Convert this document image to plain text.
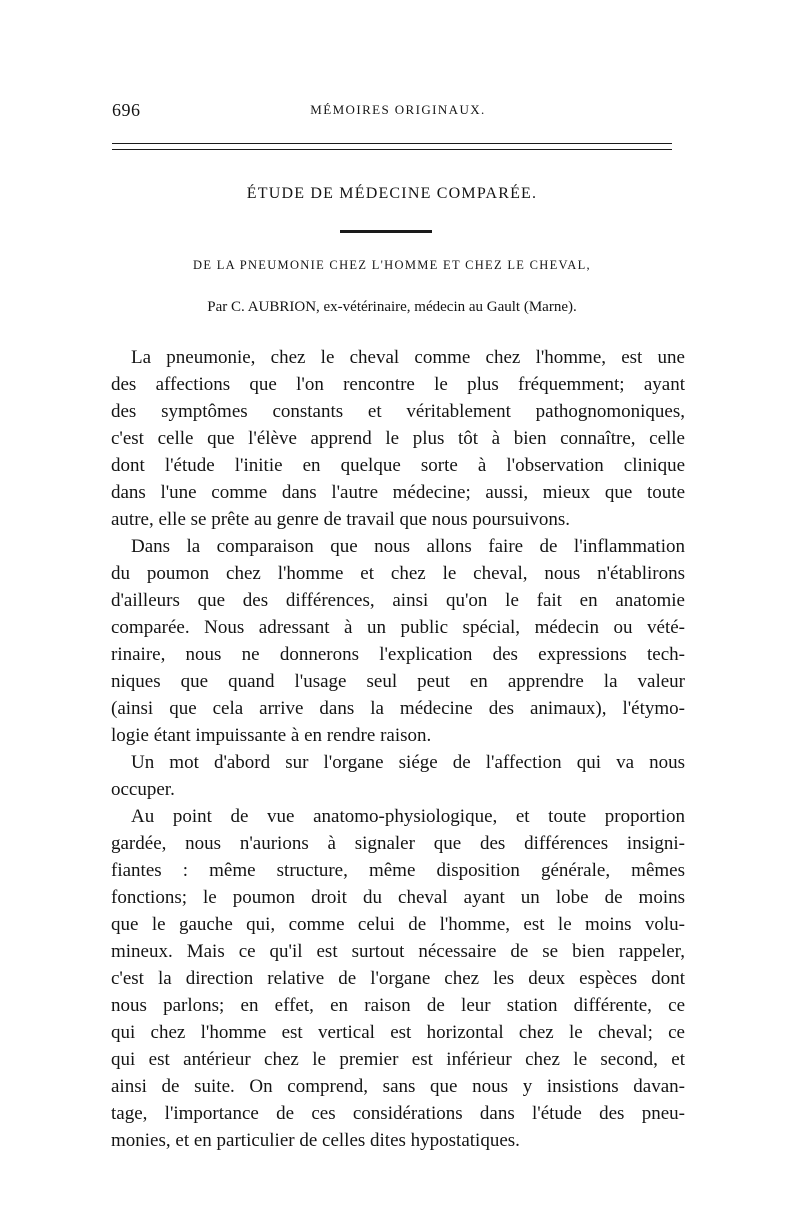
696	MÉMOIRES ORIGINAUX.
ÉTUDE DE MÉDECINE COMPARÉE.
DE LA PNEUMONIE CHEZ L'HOMME ET CHEZ LE CHEVAL,
Par C. AUBRION, ex-vétérinaire, médecin au Gault (Marne).
La pneumonie, chez le cheval comme chez l'homme, est une
des affections que l'on rencontre le plus fréquemment; ayant
des symptômes constants et véritablement pathognomoniques,
c'est celle que l'élève apprend le plus tôt à bien connaître, celle
dont l'étude l'initie en quelque sorte à l'observation clinique
dans l'une comme dans l'autre médecine; aussi, mieux que toute
autre, elle se prête au genre de travail que nous poursuivons.
Dans la comparaison que nous allons faire de l'inflammation
du poumon chez l'homme et chez le cheval, nous n'établirons
d'ailleurs que des différences, ainsi qu'on le fait en anatomie
comparée. Nous adressant à un public spécial, médecin ou vété-
rinaire, nous ne donnerons l'explication des expressions tech-
niques que quand l'usage seul peut en apprendre la valeur
(ainsi que cela arrive dans la médecine des animaux), l'étymo-
logie étant impuissante à en rendre raison.
Un mot d'abord sur l'organe siége de l'affection qui va nous
occuper.
Au point de vue anatomo-physiologique, et toute proportion
gardée, nous n'aurions à signaler que des différences insigni-
fiantes : même structure, même disposition générale, mêmes
fonctions; le poumon droit du cheval ayant un lobe de moins
que le gauche qui, comme celui de l'homme, est le moins volu-
mineux. Mais ce qu'il est surtout nécessaire de se bien rappeler,
c'est la direction relative de l'organe chez les deux espèces dont
nous parlons; en effet, en raison de leur station différente, ce
qui chez l'homme est vertical est horizontal chez le cheval; ce
qui est antérieur chez le premier est inférieur chez le second, et
ainsi de suite. On comprend, sans que nous y insistions davan-
tage, l'importance de ces considérations dans l'étude des pneu-
monies, et en particulier de celles dites hypostatiques.
